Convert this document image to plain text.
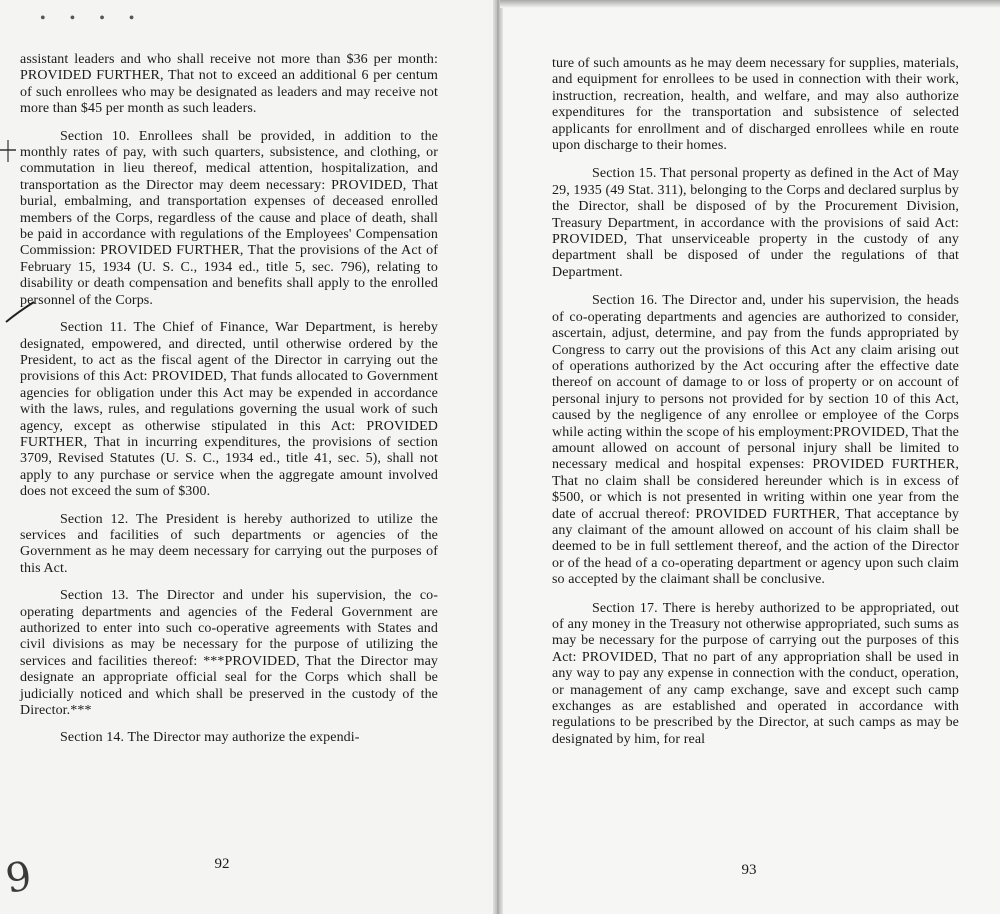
• • • •

assistant leaders and who shall receive not more than $36 per month: PROVIDED FURTHER, That not to exceed an additional 6 per centum of such enrollees who may be designated as leaders and may receive not more than $45 per month as such leaders.

Section 10. Enrollees shall be provided, in addition to the monthly rates of pay, with such quarters, subsistence, and clothing, or commutation in lieu thereof, medical attention, hospitalization, and transportation as the Director may deem necessary: PROVIDED, That burial, embalming, and transportation expenses of deceased enrolled members of the Corps, regardless of the cause and place of death, shall be paid in accordance with regulations of the Employees' Compensation Commission: PROVIDED FURTHER, That the provisions of the Act of February 15, 1934 (U. S. C., 1934 ed., title 5, sec. 796), relating to disability or death compensation and benefits shall apply to the enrolled personnel of the Corps.

Section 11. The Chief of Finance, War Department, is hereby designated, empowered, and directed, until otherwise ordered by the President, to act as the fiscal agent of the Director in carrying out the provisions of this Act: PROVIDED, That funds allocated to Government agencies for obligation under this Act may be expended in accordance with the laws, rules, and regulations governing the usual work of such agency, except as otherwise stipulated in this Act: PROVIDED FURTHER, That in incurring expenditures, the provisions of section 3709, Revised Statutes (U. S. C., 1934 ed., title 41, sec. 5), shall not apply to any purchase or service when the aggregate amount involved does not exceed the sum of $300.

Section 12. The President is hereby authorized to utilize the services and facilities of such departments or agencies of the Government as he may deem necessary for carrying out the purposes of this Act.

Section 13. The Director and under his supervision, the co-operating departments and agencies of the Federal Government are authorized to enter into such co-operative agreements with States and civil divisions as may be necessary for the purpose of utilizing the services and facilities thereof: ***PROVIDED, That the Director may designate an appropriate official seal for the Corps which shall be judicially noticed and which shall be preserved in the custody of the Director.***

Section 14. The Director may authorize the expendi-

92
9

ture of such amounts as he may deem necessary for supplies, materials, and equipment for enrollees to be used in connection with their work, instruction, recreation, health, and welfare, and may also authorize expenditures for the transportation and subsistence of selected applicants for enrollment and of discharged enrollees while en route upon discharge to their homes.

Section 15. That personal property as defined in the Act of May 29, 1935 (49 Stat. 311), belonging to the Corps and declared surplus by the Director, shall be disposed of by the Procurement Division, Treasury Department, in accordance with the provisions of said Act: PROVIDED, That unserviceable property in the custody of any department shall be disposed of under the regulations of that Department.

Section 16. The Director and, under his supervision, the heads of co-operating departments and agencies are authorized to consider, ascertain, adjust, determine, and pay from the funds appropriated by Congress to carry out the provisions of this Act any claim arising out of operations authorized by the Act occuring after the effective date thereof on account of damage to or loss of property or on account of personal injury to persons not provided for by section 10 of this Act, caused by the negligence of any enrollee or employee of the Corps while acting within the scope of his employment:PROVIDED, That the amount allowed on account of personal injury shall be limited to necessary medical and hospital expenses: PROVIDED FURTHER, That no claim shall be considered hereunder which is in excess of $500, or which is not presented in writing within one year from the date of accrual thereof: PROVIDED FURTHER, That acceptance by any claimant of the amount allowed on account of his claim shall be deemed to be in full settlement thereof, and the action of the Director or of the head of a co-operating department or agency upon such claim so accepted by the claimant shall be conclusive.

Section 17. There is hereby authorized to be appropriated, out of any money in the Treasury not otherwise appropriated, such sums as may be necessary for the purpose of carrying out the purposes of this Act: PROVIDED, That no part of any appropriation shall be used in any way to pay any expense in connection with the conduct, operation, or management of any camp exchange, save and except such camp exchanges as are established and operated in accordance with regulations to be prescribed by the Director, at such camps as may be designated by him, for real

93
